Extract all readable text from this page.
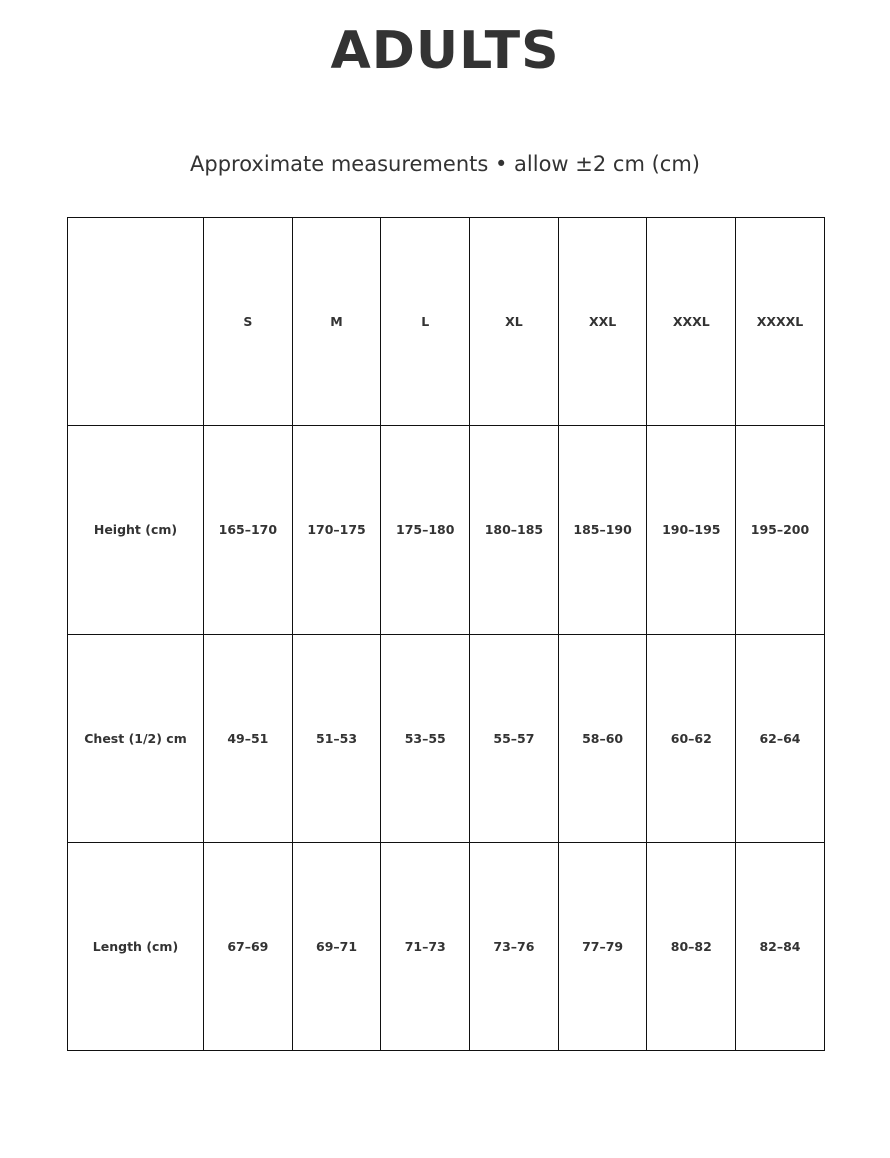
ADULTS
Approximate measurements • allow ±2 cm (cm)
	S	M	L	XL	XXL	XXXL	XXXXL
Height (cm)	165–170	170–175	175–180	180–185	185–190	190–195	195–200
Chest (1/2) cm	49–51	51–53	53–55	55–57	58–60	60–62	62–64
Length (cm)	67–69	69–71	71–73	73–76	77–79	80–82	82–84
